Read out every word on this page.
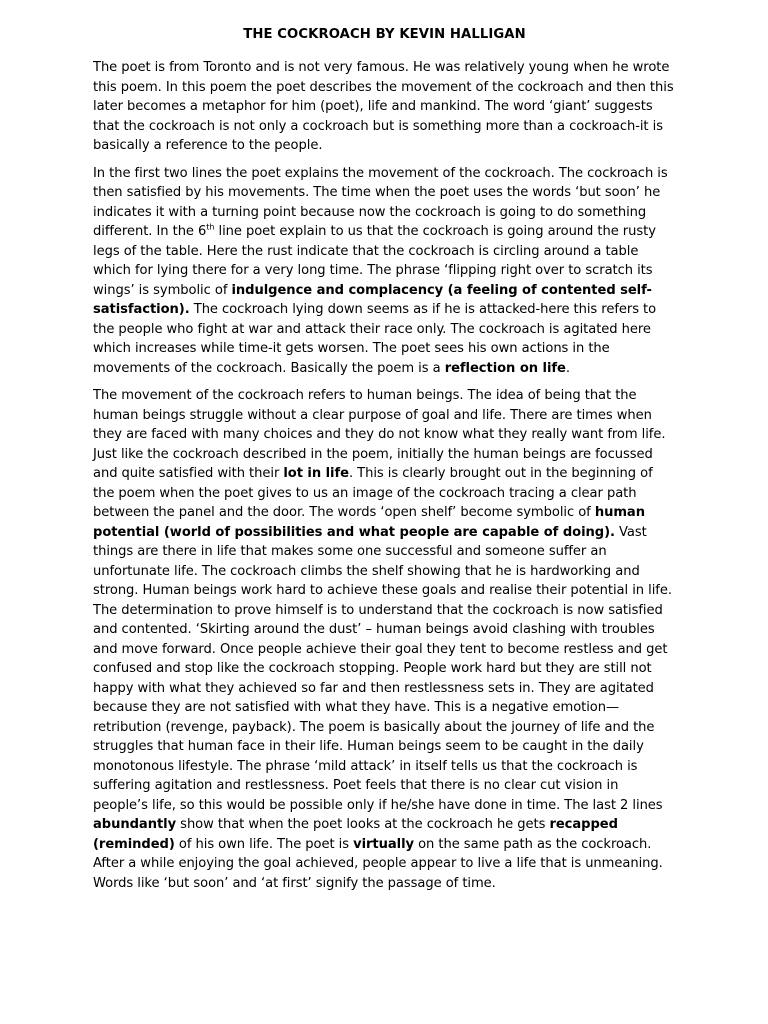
THE COCKROACH BY KEVIN HALLIGAN

The poet is from Toronto and is not very famous. He was relatively young when he wrote this poem. In this poem the poet describes the movement of the cockroach and then this later becomes a metaphor for him (poet), life and mankind. The word ‘giant’ suggests that the cockroach is not only a cockroach but is something more than a cockroach-it is basically a reference to the people.

In the first two lines the poet explains the movement of the cockroach. The cockroach is then satisfied by his movements. The time when the poet uses the words ‘but soon’ he indicates it with a turning point because now the cockroach is going to do something different. In the 6th line poet explain to us that the cockroach is going around the rusty legs of the table. Here the rust indicate that the cockroach is circling around a table which for lying there for a very long time. The phrase ‘flipping right over to scratch its wings’ is symbolic of indulgence and complacency (a feeling of contented self-satisfaction). The cockroach lying down seems as if he is attacked-here this refers to the people who fight at war and attack their race only. The cockroach is agitated here which increases while time-it gets worsen. The poet sees his own actions in the movements of the cockroach. Basically the poem is a reflection on life.

The movement of the cockroach refers to human beings. The idea of being that the human beings struggle without a clear purpose of goal and life. There are times when they are faced with many choices and they do not know what they really want from life. Just like the cockroach described in the poem, initially the human beings are focussed and quite satisfied with their lot in life. This is clearly brought out in the beginning of the poem when the poet gives to us an image of the cockroach tracing a clear path between the panel and the door. The words ‘open shelf’ become symbolic of human potential (world of possibilities and what people are capable of doing). Vast things are there in life that makes some one successful and someone suffer an unfortunate life. The cockroach climbs the shelf showing that he is hardworking and strong. Human beings work hard to achieve these goals and realise their potential in life. The determination to prove himself is to understand that the cockroach is now satisfied and contented. ‘Skirting around the dust’ – human beings avoid clashing with troubles and move forward. Once people achieve their goal they tent to become restless and get confused and stop like the cockroach stopping. People work hard but they are still not happy with what they achieved so far and then restlessness sets in. They are agitated because they are not satisfied with what they have. This is a negative emotion—retribution (revenge, payback). The poem is basically about the journey of life and the struggles that human face in their life. Human beings seem to be caught in the daily monotonous lifestyle. The phrase ‘mild attack’ in itself tells us that the cockroach is suffering agitation and restlessness. Poet feels that there is no clear cut vision in people’s life, so this would be possible only if he/she have done in time. The last 2 lines abundantly show that when the poet looks at the cockroach he gets recapped (reminded) of his own life. The poet is virtually on the same path as the cockroach. After a while enjoying the goal achieved, people appear to live a life that is unmeaning. Words like ‘but soon’ and ‘at first’ signify the passage of time.
